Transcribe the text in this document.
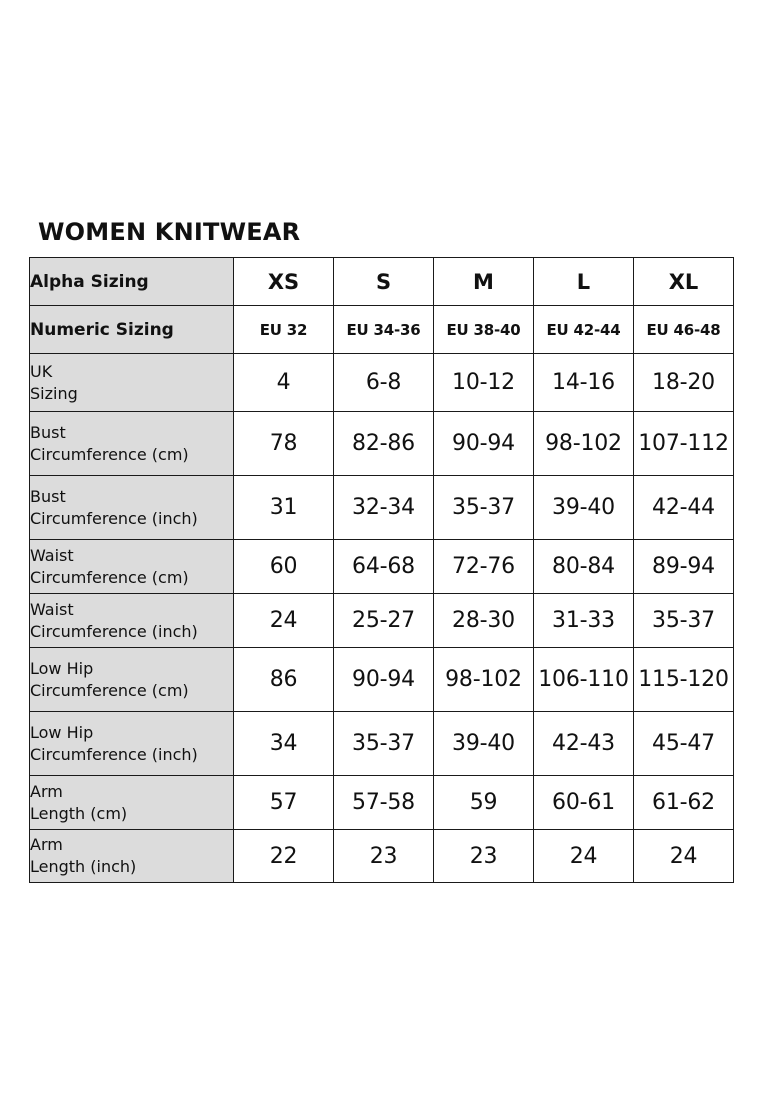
WOMEN KNITWEAR
Alpha Sizing	XS	S	M	L	XL
Numeric Sizing	EU 32	EU 34-36	EU 38-40	EU 42-44	EU 46-48

UK
Sizing	4	6-8	10-12	14-16	18-20

Bust
Circumference (cm)	78	82-86	90-94	98-102	107-112

Bust
Circumference (inch)	31	32-34	35-37	39-40	42-44

Waist
Circumference (cm)	60	64-68	72-76	80-84	89-94

Waist
Circumference (inch)	24	25-27	28-30	31-33	35-37

Low Hip
Circumference (cm)	86	90-94	98-102	106-110	115-120

Low Hip
Circumference (inch)	34	35-37	39-40	42-43	45-47

Arm
Length (cm)	57	57-58	59	60-61	61-62

Arm
Length (inch)	22	23	23	24	24
